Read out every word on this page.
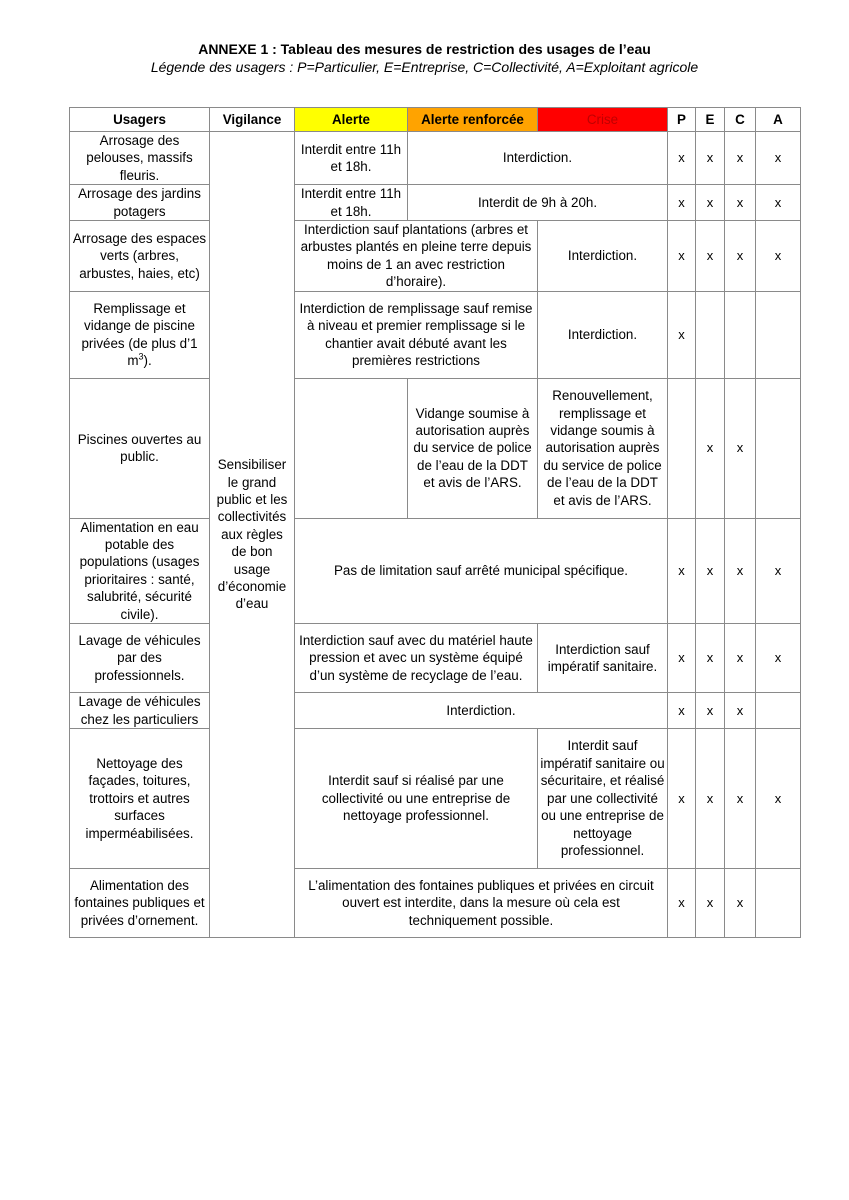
ANNEXE 1 : Tableau des mesures de restriction des usages de l’eau
Légende des usagers : P=Particulier, E=Entreprise, C=Collectivité, A=Exploitant agricole
Usagers	Vigilance	Alerte	Alerte renforcée	Crise	P	E	C	A
Arrosage des pelouses, massifs fleuris.	Sensibiliser le grand public et les collectivités aux règles de bon usage d’économie d’eau	Interdit entre 11h et 18h.	Interdiction.		x	x	x	x
Arrosage des jardins potagers		Interdit entre 11h et 18h.	Interdit de 9h à 20h.		x	x	x	x
Arrosage des espaces verts (arbres, arbustes, haies, etc)		Interdiction sauf plantations (arbres et arbustes plantés en pleine terre depuis moins de 1 an avec restriction d’horaire).		Interdiction.	x	x	x	x
Remplissage et vidange de piscine privées (de plus d’1 $m^3$).		Interdiction de remplissage sauf remise à niveau et premier remplissage si le chantier avait débuté avant les premières restrictions		Interdiction.	x			
Piscines ouvertes au public.			Vidange soumise à autorisation auprès du service de police de l’eau de la DDT et avis de l’ARS.	Renouvellement, remplissage et vidange soumis à autorisation auprès du service de police de l’eau de la DDT et avis de l’ARS.		x	x	
Alimentation en eau potable des populations (usages prioritaires : santé, salubrité, sécurité civile).		Pas de limitation sauf arrêté municipal spécifique.			x	x	x	x
Lavage de véhicules par des professionnels.		Interdiction sauf avec du matériel haute pression et avec un système équipé d’un système de recyclage de l’eau.		Interdiction sauf impératif sanitaire.	x	x	x	x
Lavage de véhicules chez les particuliers		Interdiction.			x	x	x	
Nettoyage des façades, toitures, trottoirs et autres surfaces imperméabilisées.		Interdit sauf si réalisé par une collectivité ou une entreprise de nettoyage professionnel.		Interdit sauf impératif sanitaire ou sécuritaire, et réalisé par une collectivité ou une entreprise de nettoyage professionnel.	x	x	x	x
Alimentation des fontaines publiques et privées d’ornement.		L’alimentation des fontaines publiques et privées en circuit ouvert est interdite, dans la mesure où cela est techniquement possible.			x	x	x	
